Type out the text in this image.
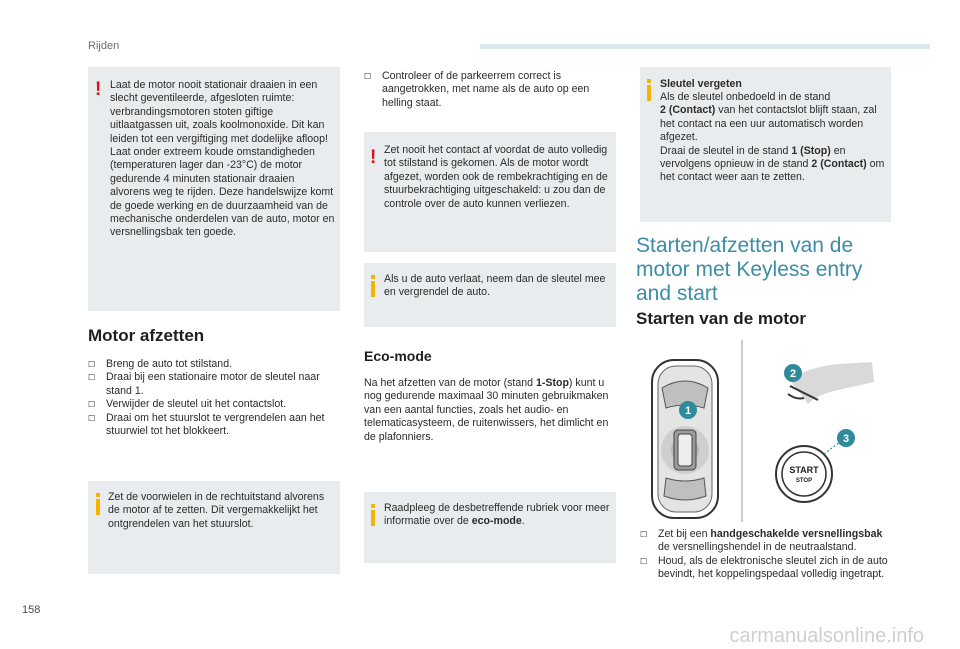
Rijden
! Laat de motor nooit stationair draaien in een slecht geventileerde, afgesloten ruimte: verbrandingsmotoren stoten giftige uitlaatgassen uit, zoals koolmonoxide. Dit kan leiden tot een vergiftiging met dodelijke afloop! Laat onder extreem koude omstandigheden (temperaturen lager dan -23°C) de motor gedurende 4 minuten stationair draaien alvorens weg te rijden. Deze handelswijze komt de goede werking en de duurzaamheid van de mechanische onderdelen van de auto, motor en versnellingsbak ten goede.

Motor afzetten
☐ Breng de auto tot stilstand.
☐ Draai bij een stationaire motor de sleutel naar stand 1.
☐ Verwijder de sleutel uit het contactslot.
☐ Draai om het stuurslot te vergrendelen aan het stuurwiel tot het blokkeert.

Zet de voorwielen in de rechtuitstand alvorens de motor af te zetten. Dit vergemakkelijkt het ontgrendelen van het stuurslot.

☐ Controleer of de parkeerrem correct is aangetrokken, met name als de auto op een helling staat.
! Zet nooit het contact af voordat de auto volledig tot stilstand is gekomen. Als de motor wordt afgezet, worden ook de rembekrachtiging en de stuurbekrachtiging uitgeschakeld: u zou dan de controle over de auto kunnen verliezen.

Als u de auto verlaat, neem dan de sleutel mee en vergrendel de auto.

Eco-mode

Na het afzetten van de motor (stand 1-Stop) kunt u nog gedurende maximaal 30 minuten gebruikmaken van een aantal functies, zoals het audio- en telematicasysteem, de ruitenwissers, het dimlicht en de plafonniers.

Raadpleeg de desbetreffende rubriek voor meer informatie over de eco-mode.

Sleutel vergeten

Als de sleutel onbedoeld in de stand
2 (Contact) van het contactslot blijft staan, zal het contact na een uur automatisch worden afgezet.
Draai de sleutel in de stand 1 (Stop) en vervolgens opnieuw in de stand 2 (Contact) om het contact weer aan te zetten.

Starten/afzetten van de motor met Keyless entry and start
Starten van de motor
START
STOP
1
2
3
☐ Zet bij een handgeschakelde versnellingsbak de versnellingshendel in de neutraalstand.
☐ Houd, als de elektronische sleutel zich in de auto bevindt, het koppelingspedaal volledig ingetrapt.
158
carmanualsonline.info
